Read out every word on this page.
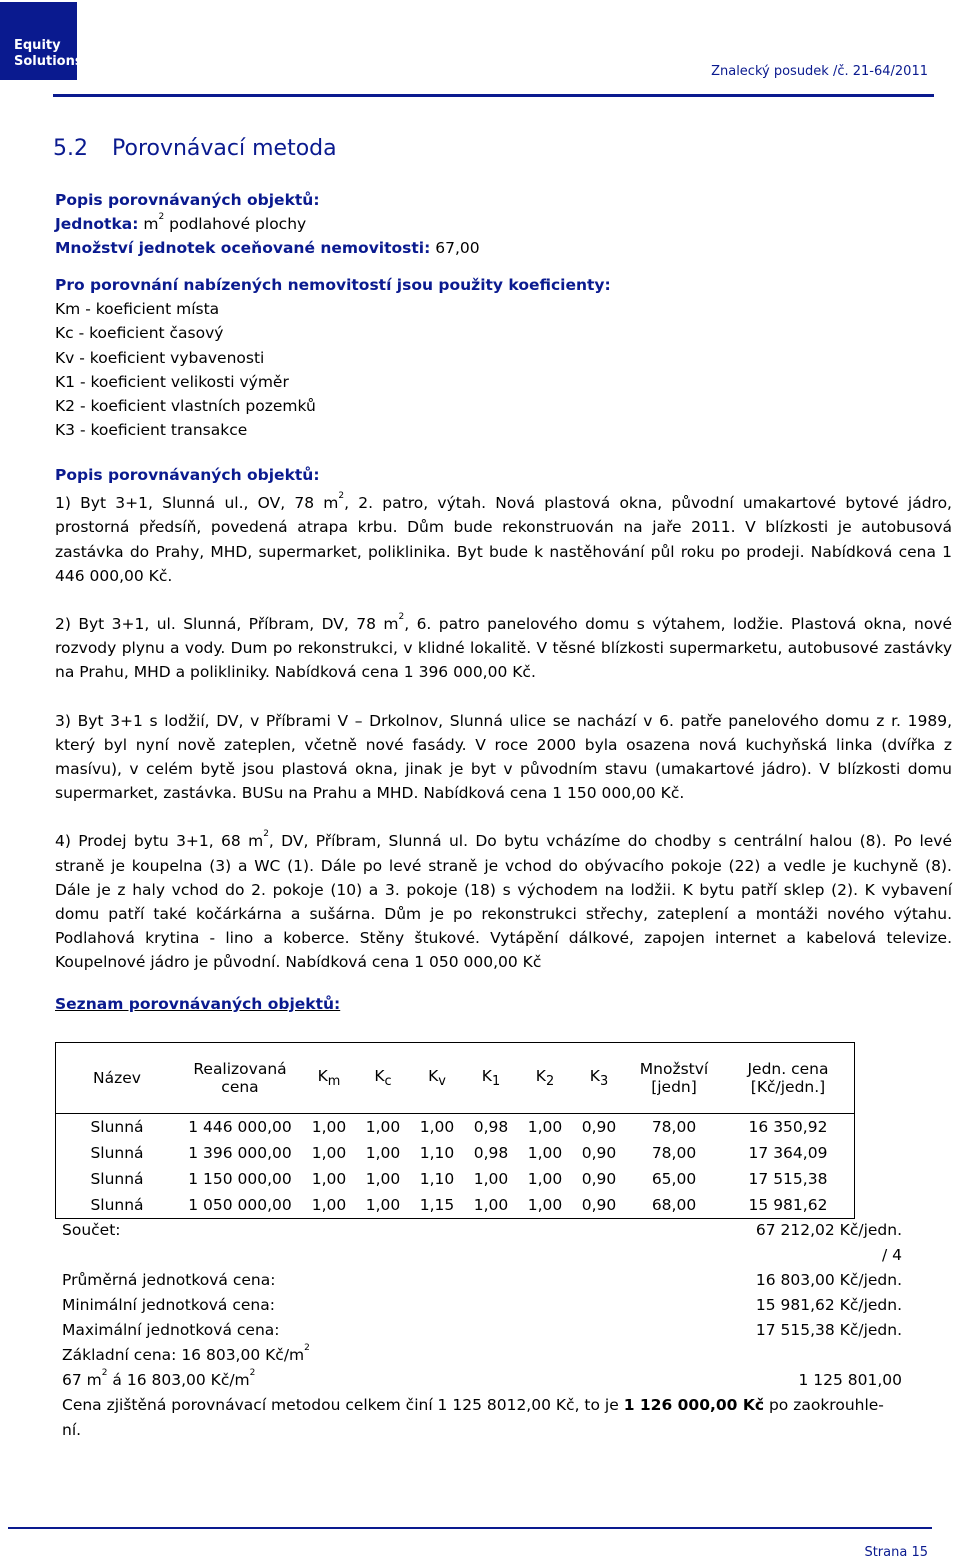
Equity
Solutions
Znalecký posudek /č. 21-64/2011
5.2 Porovnávací metoda

Popis porovnávaných objektů:

Jednotka: $m^2$ podlahové plochy

Množství jednotek oceňované nemovitosti: 67,00

Pro porovnání nabízených nemovitostí jsou použity koeficienty:

Km - koeficient místa

Kc - koeficient časový

Kv - koeficient vybavenosti

K1 - koeficient velikosti výměr

K2 - koeficient vlastních pozemků

K3 - koeficient transakce

Popis porovnávaných objektů:

1) Byt 3+1, Slunná ul., OV, 78 $m^2$, 2. patro, výtah. Nová plastová okna, původní umakartové bytové jádro, prostorná předsíň, povedená atrapa krbu. Dům bude rekonstruován na jaře 2011. V blízkosti je autobusová zastávka do Prahy, MHD, supermarket, poliklinika. Byt bude k nastěhování půl roku po prodeji. Nabídková cena 1 446 000,00 Kč.

2) Byt 3+1, ul. Slunná, Příbram, DV, 78 $m^2$, 6. patro panelového domu s výtahem, lodžie. Plastová okna, nové rozvody plynu a vody. Dum po rekonstrukci, v klidné lokalitě. V těsné blízkosti supermarketu, autobusové zastávky na Prahu, MHD a polikliniky. Nabídková cena 1 396 000,00 Kč.

3) Byt 3+1 s lodžií, DV, v Příbrami V – Drkolnov, Slunná ulice se nachází v 6. patře panelového domu z r. 1989, který byl nyní nově zateplen, včetně nové fasády. V roce 2000 byla osazena nová kuchyňská linka (dvířka z masívu), v celém bytě jsou plastová okna, jinak je byt v původním stavu (umakartové jádro). V blízkosti domu supermarket, zastávka. BUSu na Prahu a MHD. Nabídková cena 1 150 000,00 Kč.

4) Prodej bytu 3+1, 68 $m^2$, DV, Příbram, Slunná ul. Do bytu vcházíme do chodby s centrální halou (8). Po levé straně je koupelna (3) a WC (1). Dále po levé straně je vchod do obývacího pokoje (22) a vedle je kuchyně (8). Dále je z haly vchod do 2. pokoje (10) a 3. pokoje (18) s východem na lodžii. K bytu patří sklep (2). K vybavení domu patří také kočárkárna a sušárna. Dům je po rekonstrukci střechy, zateplení a montáži nového výtahu. Podlahová krytina - lino a koberce. Stěny štukové. Vytápění dálkové, zapojen internet a kabelová televize. Koupelnové jádro je původní. Nabídková cena 1 050 000,00 Kč

Seznam porovnávaných objektů:
Název	Realizovaná cena	$K_m$	$K_c$	$K_v$	$K_1$	$K_2$	$K_3$	Množství [jedn]	Jedn. cena [Kč/jedn.]
Slunná	1 446 000,00	1,00	1,00	1,00	0,98	1,00	0,90	78,00	16 350,92
Slunná	1 396 000,00	1,00	1,00	1,10	0,98	1,00	0,90	78,00	17 364,09
Slunná	1 150 000,00	1,00	1,00	1,10	1,00	1,00	0,90	65,00	17 515,38
Slunná	1 050 000,00	1,00	1,00	1,15	1,00	1,00	0,90	68,00	15 981,62
Součet:	67 212,02 Kč/jedn.
/ 4
Průměrná jednotková cena:	16 803,00 Kč/jedn.
Minimální jednotková cena:	15 981,62 Kč/jedn.
Maximální jednotková cena:	17 515,38 Kč/jedn.
Základní cena: 16 803,00 $Kč/m^2$
67 $m^2$ á 16 803,00 $Kč/m^2$	1 125 801,00
Cena zjištěná porovnávací metodou celkem činí 1 125 8012,00 Kč, to je 1 126 000,00 Kč po zaokrouhle-
ní.
Strana 15
